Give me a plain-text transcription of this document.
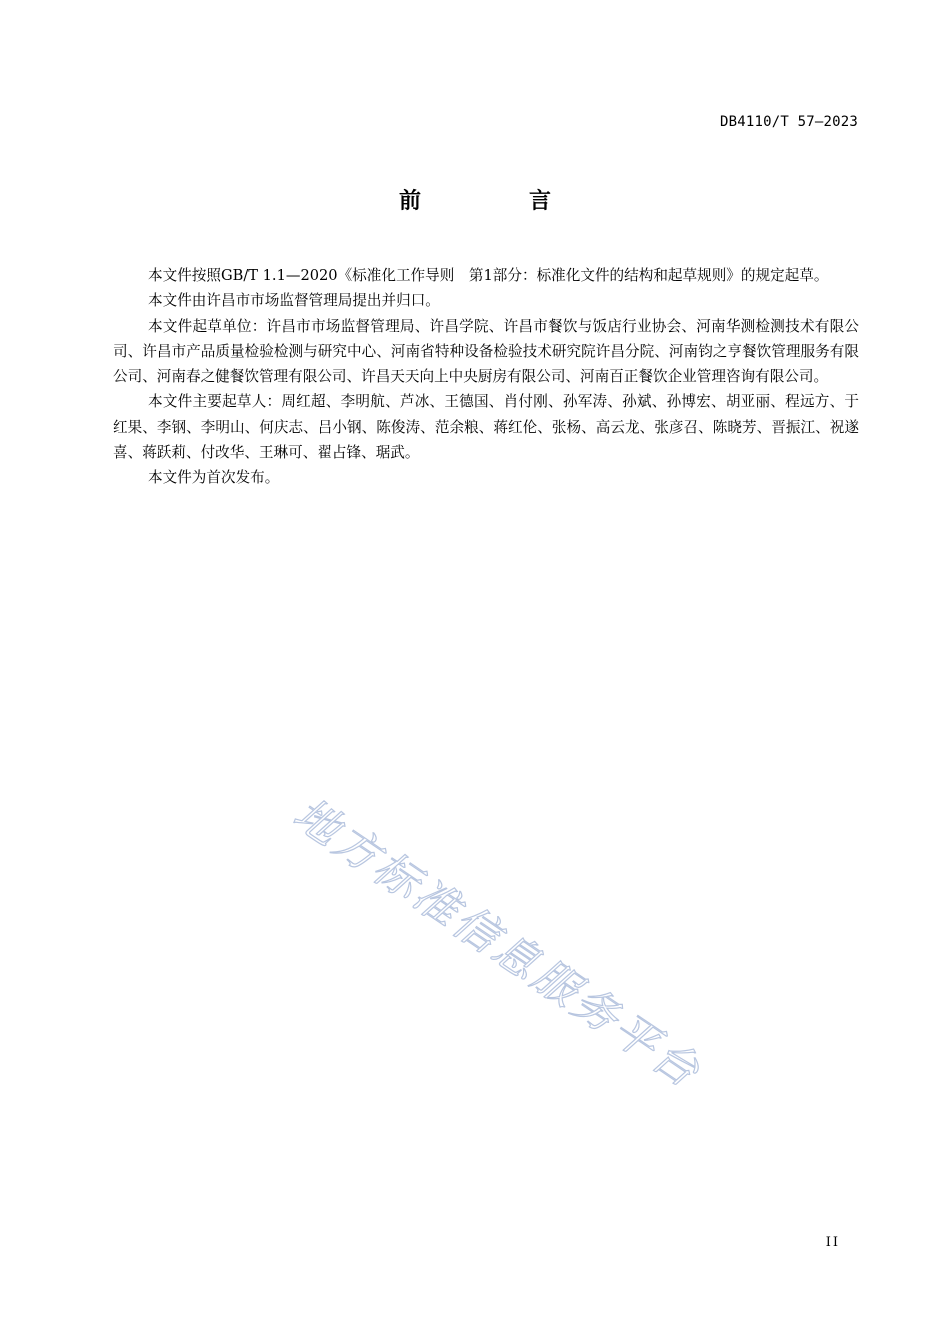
DB4110/T 57—2023
前言

本文件按照GB/T 1.1—2020《标准化工作导则　第1部分：标准化文件的结构和起草规则》的规定起草。

本文件由许昌市市场监督管理局提出并归口。

本文件起草单位：许昌市市场监督管理局、许昌学院、许昌市餐饮与饭店行业协会、河南华测检测技术有限公司、许昌市产品质量检验检测与研究中心、河南省特种设备检验技术研究院许昌分院、河南钧之亨餐饮管理服务有限公司、河南春之健餐饮管理有限公司、许昌天天向上中央厨房有限公司、河南百正餐饮企业管理咨询有限公司。

本文件主要起草人：周红超、李明航、芦冰、王德国、肖付刚、孙军涛、孙斌、孙博宏、胡亚丽、程远方、于红果、李钢、李明山、何庆志、吕小钢、陈俊涛、范余粮、蒋红伦、张杨、高云龙、张彦召、陈晓芳、晋振江、祝遂喜、蒋跃莉、付改华、王琳可、翟占锋、琚武。

本文件为首次发布。

地方标准信息服务平台
II
